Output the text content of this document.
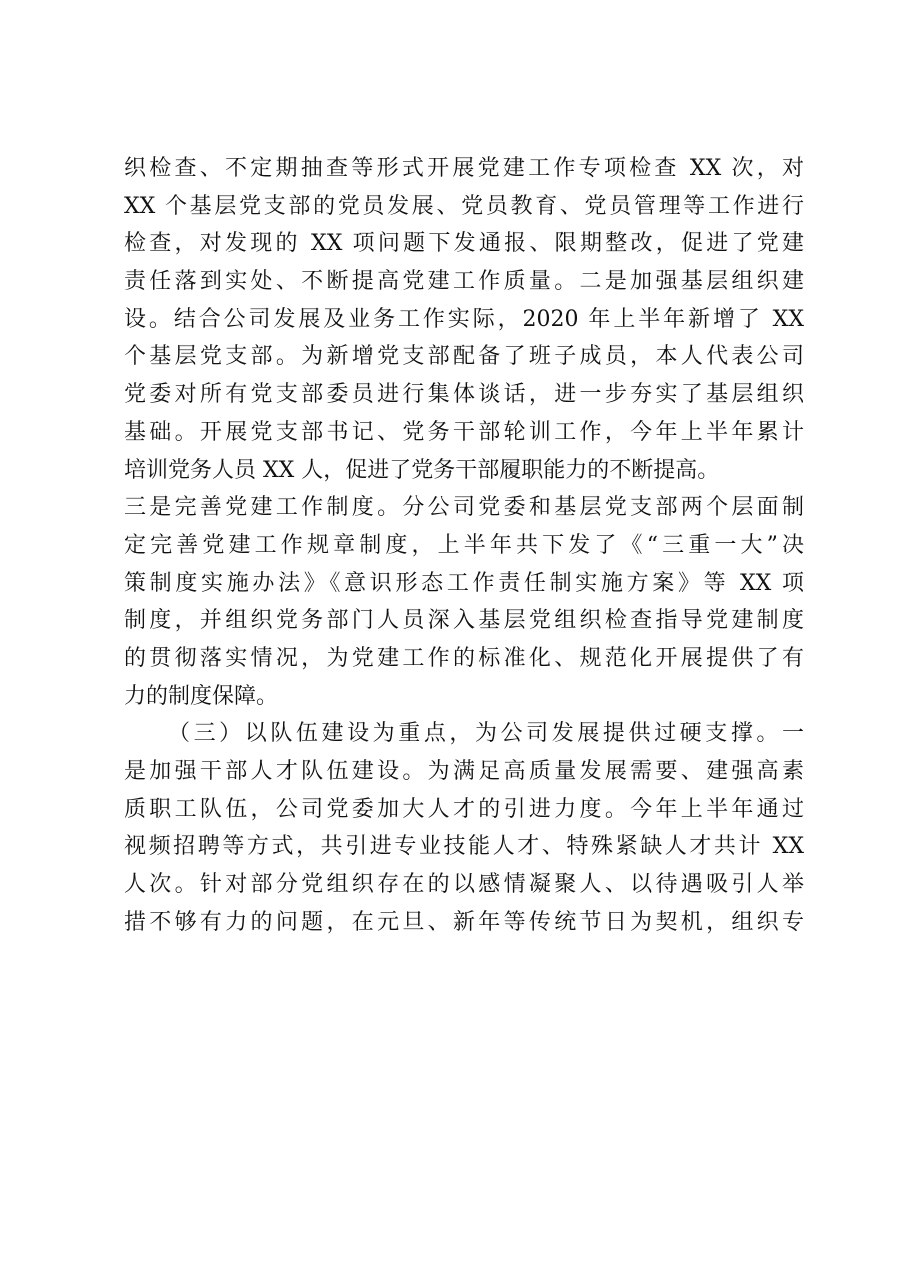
织检查、不定期抽查等形式开展党建工作专项检查 XX 次，对
XX 个基层党支部的党员发展、党员教育、党员管理等工作进行
检查，对发现的 XX 项问题下发通报、限期整改，促进了党建
责任落到实处、不断提高党建工作质量。二是加强基层组织建
设。结合公司发展及业务工作实际，2020 年上半年新增了 XX
个基层党支部。为新增党支部配备了班子成员，本人代表公司
党委对所有党支部委员进行集体谈话，进一步夯实了基层组织
基础。开展党支部书记、党务干部轮训工作，今年上半年累计
培训党务人员 XX 人，促进了党务干部履职能力的不断提高。
三是完善党建工作制度。分公司党委和基层党支部两个层面制
定完善党建工作规章制度，上半年共下发了《“三重一大”决
策制度实施办法》《意识形态工作责任制实施方案》等 XX 项
制度，并组织党务部门人员深入基层党组织检查指导党建制度
的贯彻落实情况，为党建工作的标准化、规范化开展提供了有
力的制度保障。
（三）以队伍建设为重点，为公司发展提供过硬支撑。一
是加强干部人才队伍建设。为满足高质量发展需要、建强高素
质职工队伍，公司党委加大人才的引进力度。今年上半年通过
视频招聘等方式，共引进专业技能人才、特殊紧缺人才共计 XX
人次。针对部分党组织存在的以感情凝聚人、以待遇吸引人举
措不够有力的问题，在元旦、新年等传统节日为契机，组织专
